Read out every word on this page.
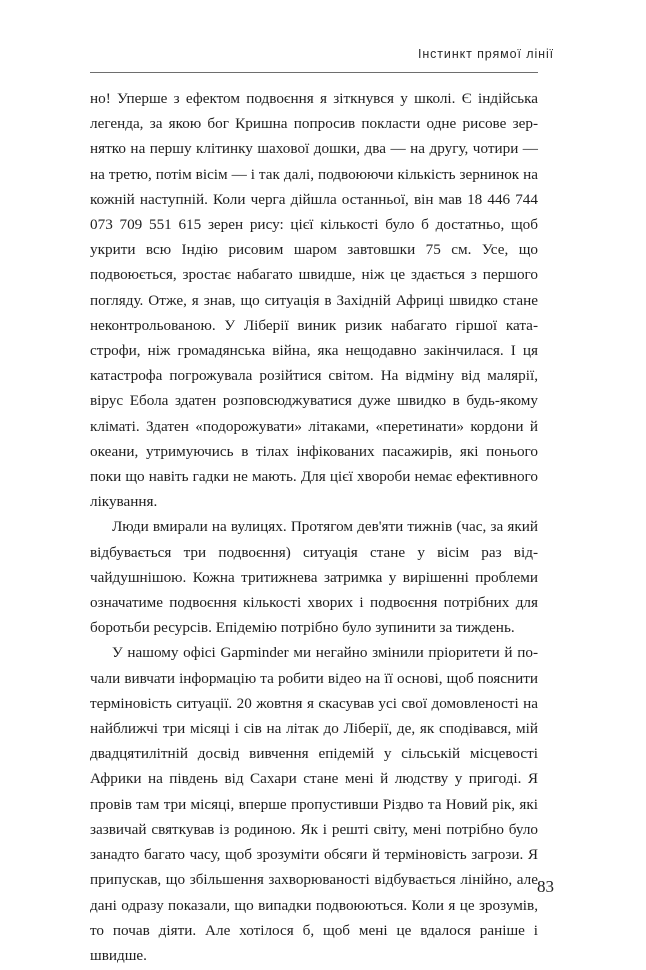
Інстинкт прямої лінії

но! Уперше з ефектом подвоєння я зіткнувся у школі. Є індійська легенда, за якою бог Кришна попросив покласти одне рисове зернятко на першу клітинку шахової дошки, два — на другу, чотири — на третю, потім вісім — і так далі, подвоюючи кількість зернинок на кожній наступній. Коли черга дійшла останньої, він мав 18 446 744 073 709 551 615 зерен рису: цієї кількості було б достатньо, щоб укрити всю Індію рисовим шаром завтовшки 75 см. Усе, що подвоюється, зростає набагато швидше, ніж це здається з першого погляду. Отже, я знав, що ситуація в Західній Африці швидко стане неконтрольованою. У Ліберії виник ризик набагато гіршої катастрофи, ніж громадянська війна, яка нещодавно закінчилася. І ця катастрофа погрожувала розійтися світом. На відміну від малярії, вірус Ебола здатен розповсюджуватися дуже швидко в будь-якому кліматі. Здатен «подорожувати» літаками, «перетинати» кордони й океани, утримуючись в тілах інфікованих пасажирів, які понього поки що навіть гадки не мають. Для цієї хвороби немає ефективного лікування.

Люди вмирали на вулицях. Протягом дев'яти тижнів (час, за який відбувається три подвоєння) ситуація стане у вісім раз відчайдушнішою. Кожна тритижнева затримка у вирішенні проблеми означатиме подвоєння кількості хворих і подвоєння потрібних для боротьби ресурсів. Епідемію потрібно було зупинити за тиждень.

У нашому офісі Gapminder ми негайно змінили пріоритети й почали вивчати інформацію та робити відео на її основі, щоб пояснити терміновість ситуації. 20 жовтня я скасував усі свої домовленості на найближчі три місяці і сів на літак до Ліберії, де, як сподівався, мій двадцятилітній досвід вивчення епідемій у сільській місцевості Африки на південь від Сахари стане мені й людству у пригоді. Я провів там три місяці, вперше пропустивши Різдво та Новий рік, які зазвичай святкував із родиною. Як і решті світу, мені потрібно було занадто багато часу, щоб зрозуміти обсяги й терміновість загрози. Я припускав, що збільшення захворюваності відбувається лінійно, але дані одразу показали, що випадки подвоюються. Коли я це зрозумів, то почав діяти. Але хотілося б, щоб мені це вдалося раніше і швидше.

83
